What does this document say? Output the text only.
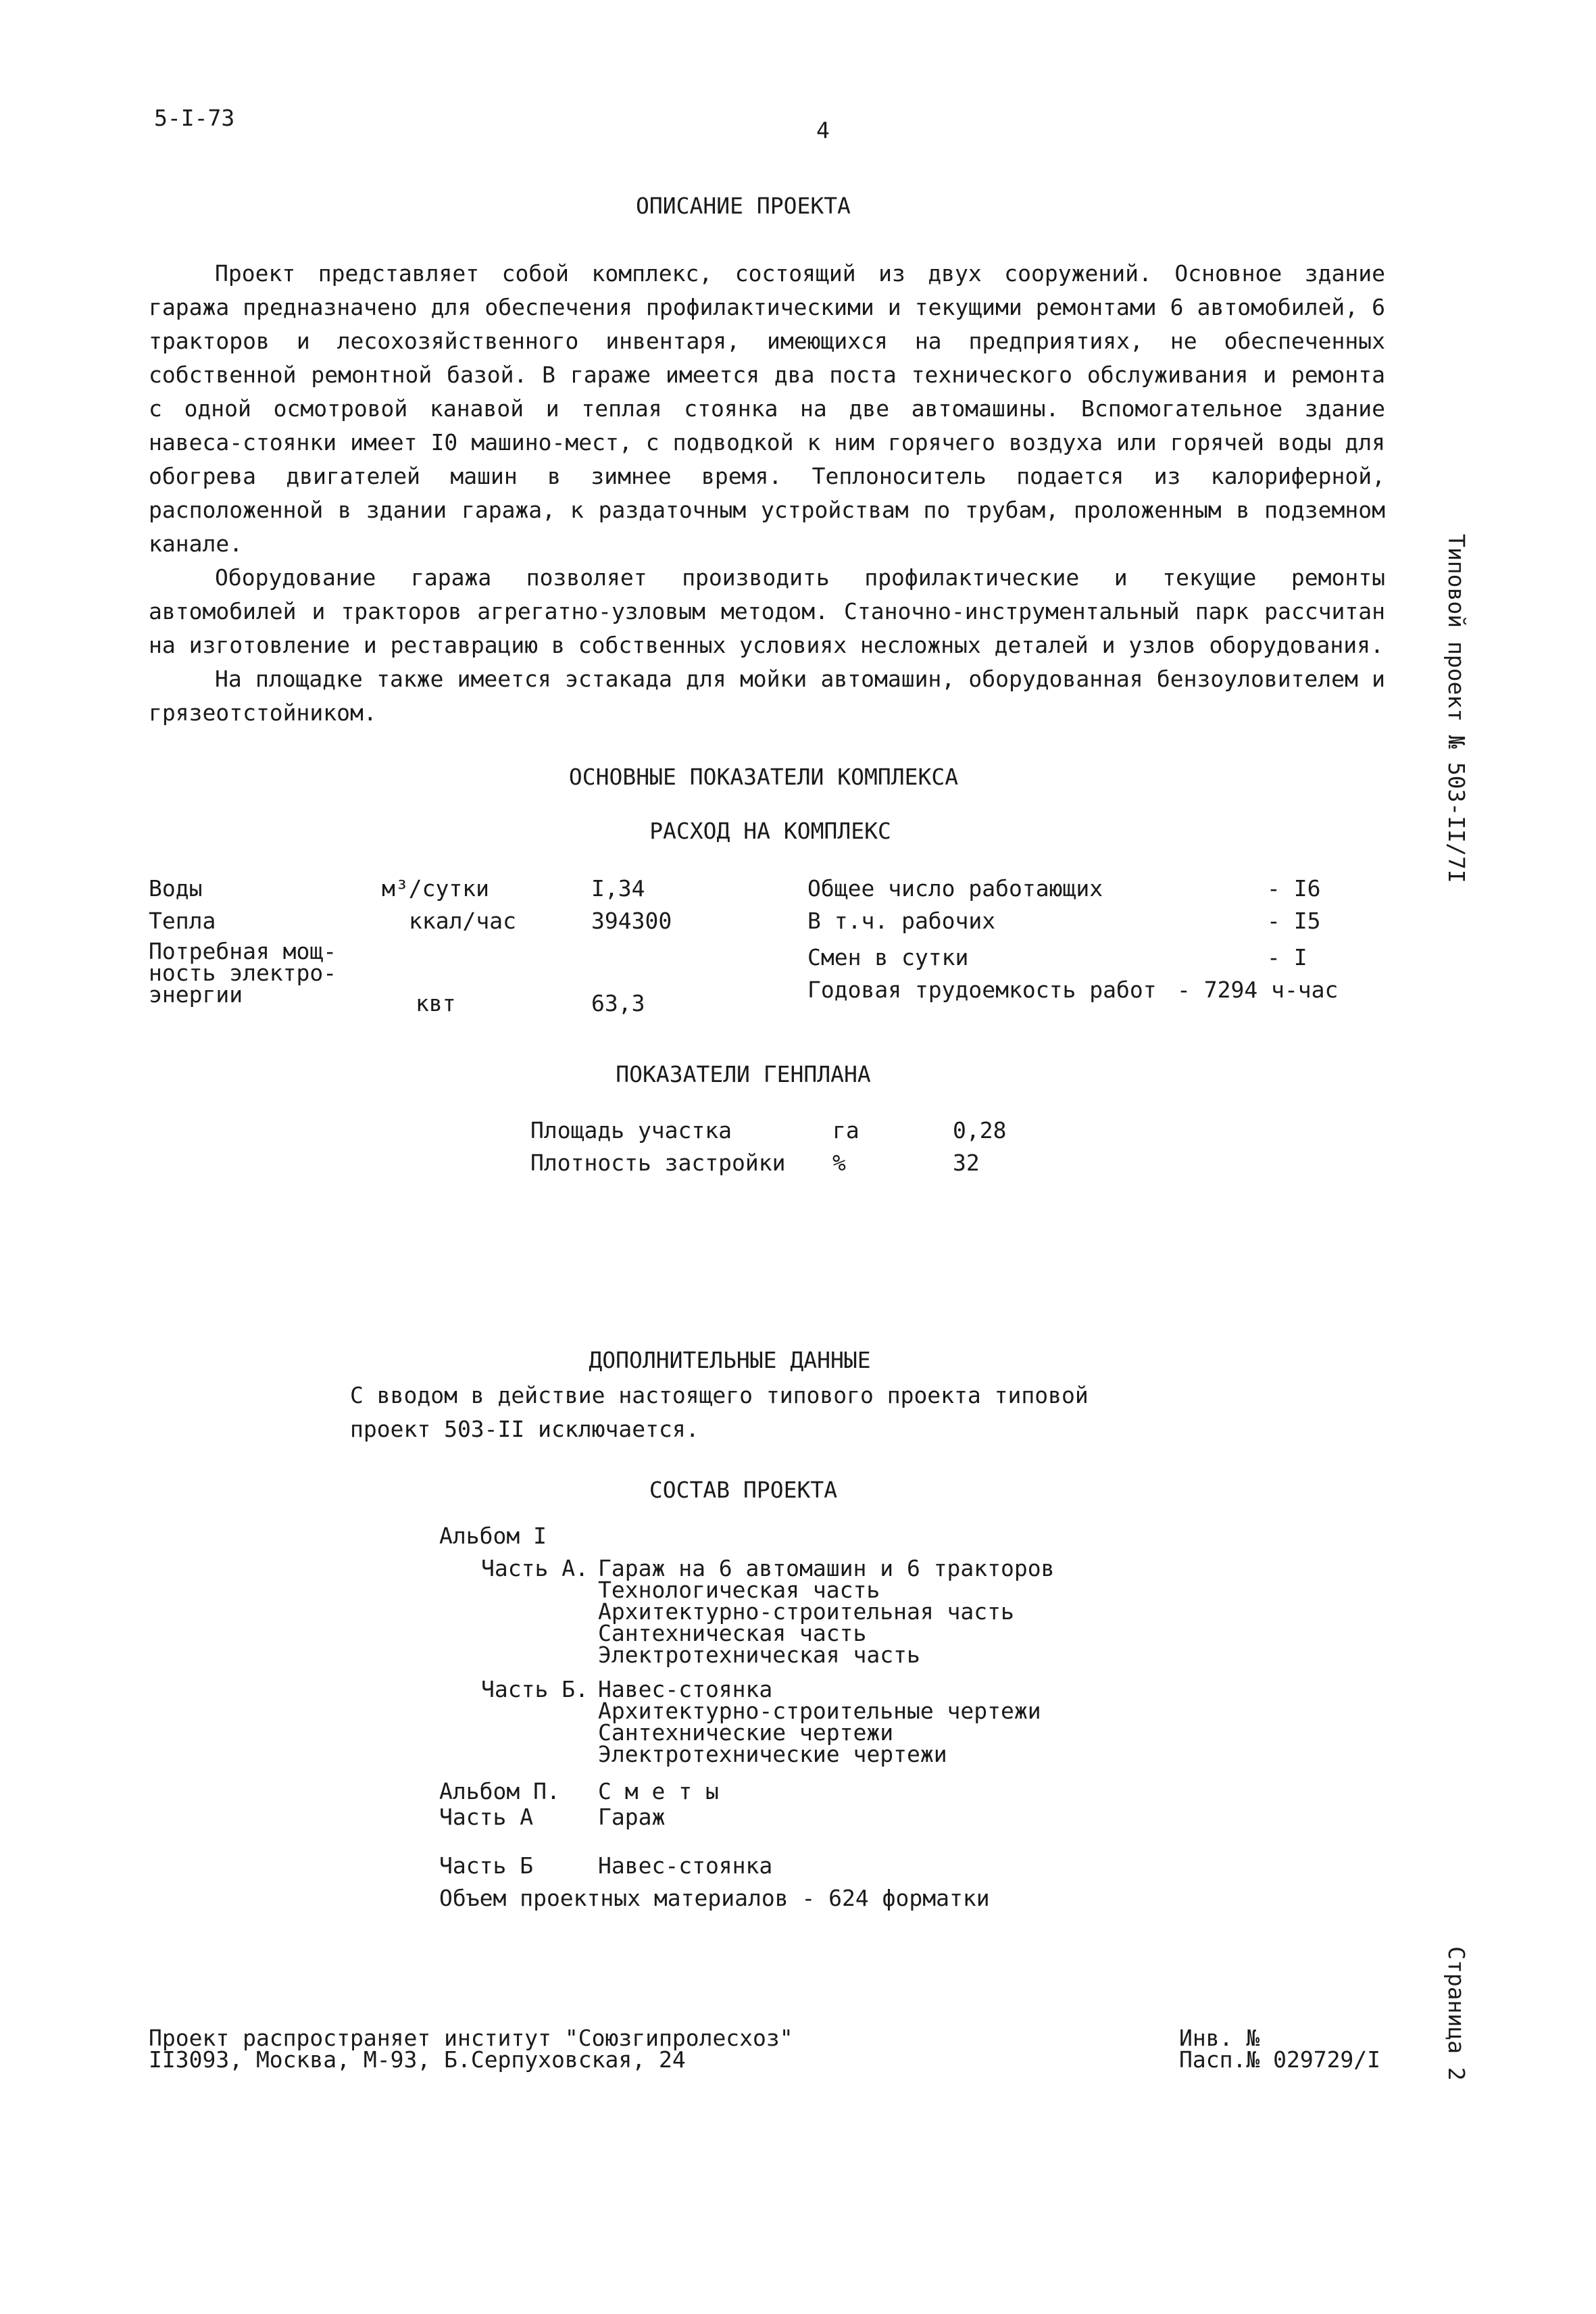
5-I-73	4
ОПИСАНИЕ ПРОЕКТА

Проект представляет собой комплекс, состоящий из двух сооружений. Основное здание гаража предназначено для обеспечения профилактическими и текущими ремонтами 6 автомобилей, 6 тракторов и лесохозяйственного инвентаря, имеющихся на предприятиях, не обеспеченных собственной ремонтной базой. В гараже имеется два поста технического обслуживания и ремонта с одной осмотровой канавой и теплая стоянка на две автомашины. Вспомогательное здание навеса-стоянки имеет I0 машино-мест, с подводкой к ним горячего воздуха или горячей воды для обогрева двигателей машин в зимнее время. Теплоноситель подается из калориферной, расположенной в здании гаража, к раздаточным устройствам по трубам, проложенным в подземном канале.

Оборудование гаража позволяет производить профилактические и текущие ремонты автомобилей и тракторов агрегатно-узловым методом. Станочно-инструментальный парк рассчитан на изготовление и реставрацию в собственных условиях несложных деталей и узлов оборудования.

На площадке также имеется эстакада для мойки автомашин, оборудованная бензоуловителем и грязеотстойником.

ОСНОВНЫЕ ПОКАЗАТЕЛИ КОМПЛЕКСА
РАСХОД НА КОМПЛЕКС
Воды	м³/сутки	I,34
Тепла	ккал/час	394300
Потребная мощ-
ность электро-
энергии	квт	63,3
Общее число работающих	- I6
В т.ч. рабочих	- I5
Смен в сутки	- I
Годовая трудоемкость работ - 7294 ч-час
ПОКАЗАТЕЛИ ГЕНПЛАНА
Площадь участка	га	0,28
Плотность застройки %	32
ДОПОЛНИТЕЛЬНЫЕ ДАННЫЕ
С вводом в действие настоящего типового проекта типовой
проект 503-II исключается.
СОСТАВ ПРОЕКТА
Альбом I
Часть А. Гараж на 6 автомашин и 6 тракторов
Технологическая часть
Архитектурно-строительная часть
Сантехническая часть
Электротехническая часть
Часть Б. Навес-стоянка
Архитектурно-строительные чертежи
Сантехнические чертежи
Электротехнические чертежи
Альбом П. С м е т ы
Часть А	Гараж
Часть Б	Навес-стоянка
Объем проектных материалов - 624 форматки
Проект распространяет институт "Союзгипролесхоз"
II3093, Москва, М-93, Б.Серпуховская, 24
Инв. №
Пасп.№ 029729/I
Типовой проект № 503-II/7I
Страница 2
